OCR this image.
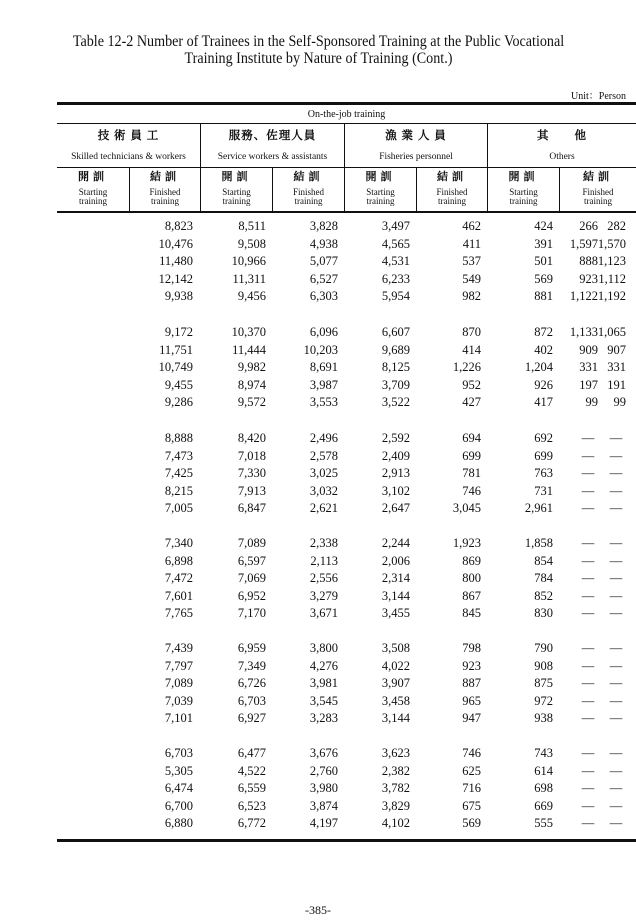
Table 12-2 Number of Trainees in the Self-Sponsored Training at the Public Vocational
Training Institute by Nature of Training (Cont.)
Unit：Person
On-the-job training
技 術 員 工
Skilled technicians & workers
服務、佐理人員
Service workers & assistants
漁 業 人 員
Fisheries personnel
其　　他
Others
開訓
Starting
training
結訓
Finished
training
開訓
Starting
training
結訓
Finished
training
開訓
Starting
training
結訓
Finished
training
開訓
Starting
training
結訓
Finished
training
8,823	8,511	3,828	3,497	462	424	266 282
10,476	9,508	4,938	4,565	411	391	1,597 1,570
11,480	10,966	5,077	4,531	537	501	888 1,123
12,142	11,311	6,527	6,233	549	569	923 1,112
9,938	9,456	6,303	5,954	982	881	1,122 1,192
9,172	10,370	6,096	6,607	870	872	1,133 1,065
11,751	11,444	10,203	9,689	414	402	909 907
10,749	9,982	8,691	8,125	1,226	1,204	331 331
9,455	8,974	3,987	3,709	952	926	197 191
9,286	9,572	3,553	3,522	427	417	99	99
8,888	8,420	2,496	2,592	694	692	—	—
7,473	7,018	2,578	2,409	699	699	—	—
7,425	7,330	3,025	2,913	781	763	—	—
8,215	7,913	3,032	3,102	746	731	—	—
7,005	6,847	2,621	2,647	3,045	2,961	—	—
7,340	7,089	2,338	2,244	1,923	1,858	—	—
6,898	6,597	2,113	2,006	869	854	—	—
7,472	7,069	2,556	2,314	800	784	—	—
7,601	6,952	3,279	3,144	867	852	—	—
7,765	7,170	3,671	3,455	845	830	—	—
7,439	6,959	3,800	3,508	798	790	—	—
7,797	7,349	4,276	4,022	923	908	—	—
7,089	6,726	3,981	3,907	887	875	—	—
7,039	6,703	3,545	3,458	965	972	—	—
7,101	6,927	3,283	3,144	947	938	—	—
6,703	6,477	3,676	3,623	746	743	—	—
5,305	4,522	2,760	2,382	625	614	—	—
6,474	6,559	3,980	3,782	716	698	—	—
6,700	6,523	3,874	3,829	675	669	—	—
6,880	6,772	4,197	4,102	569	555	—	—
-385-
